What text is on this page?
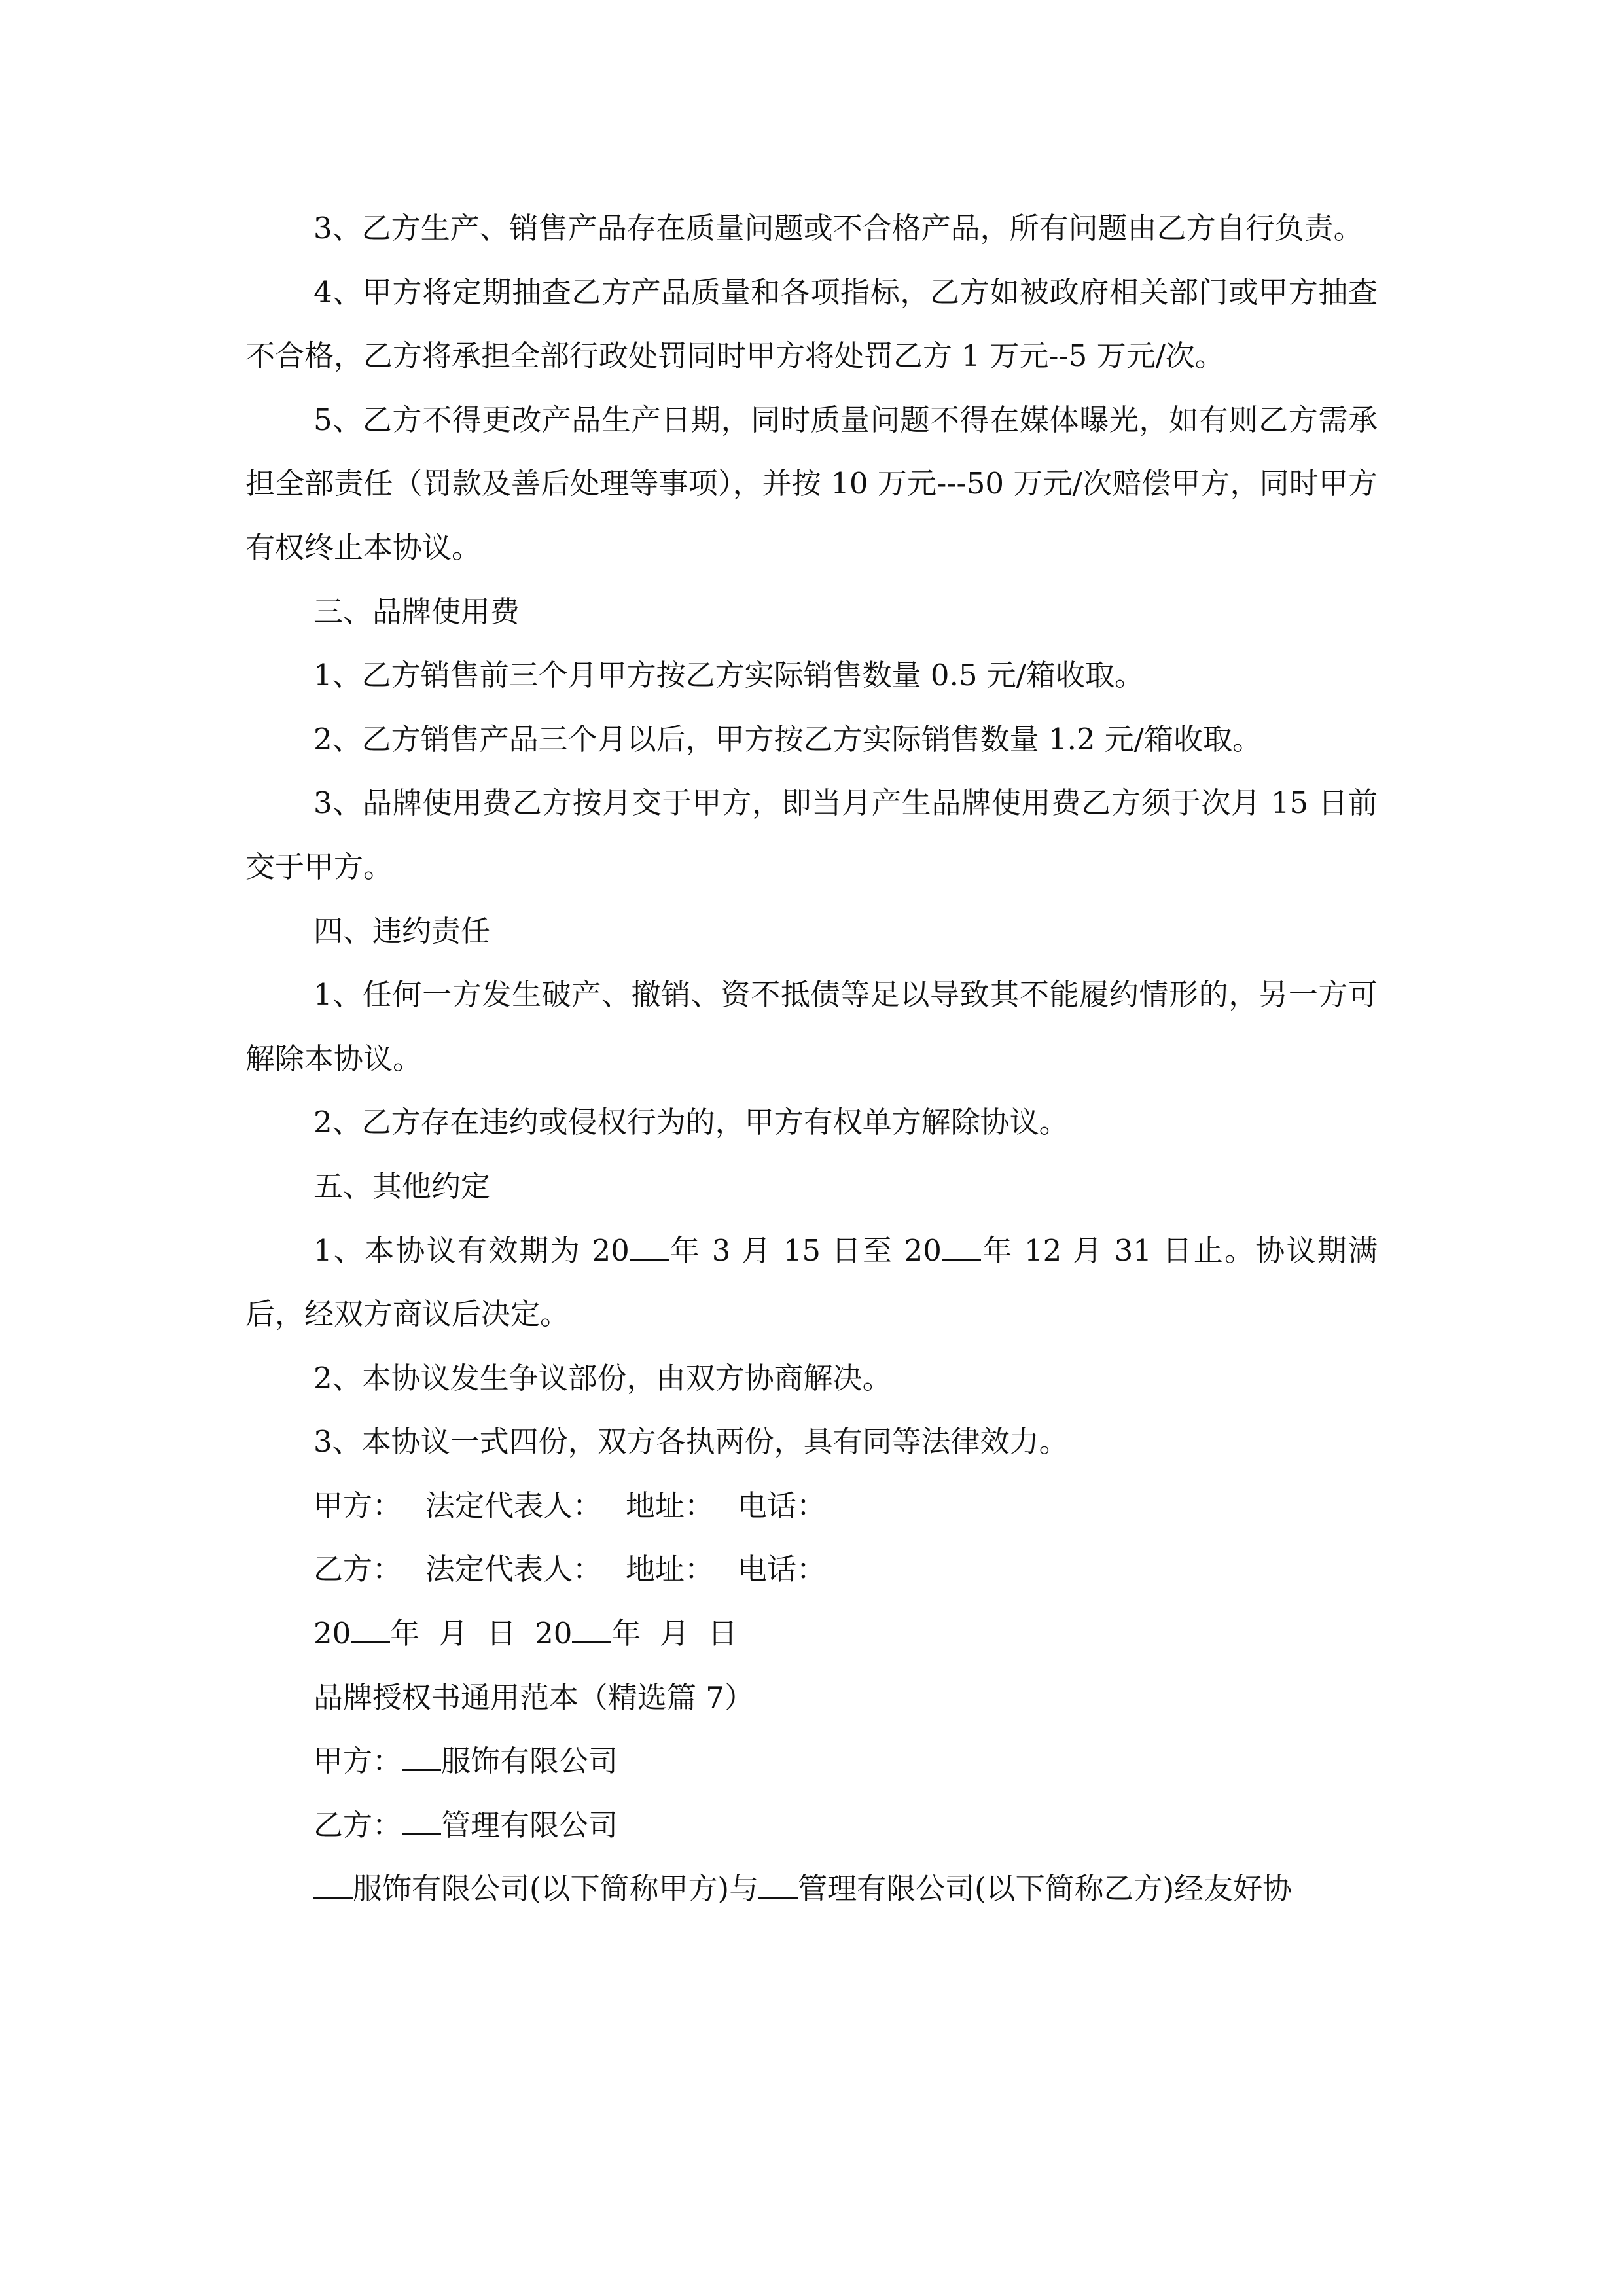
3、乙方生产、销售产品存在质量问题或不合格产品，所有问题由乙方自行负责。

4、甲方将定期抽查乙方产品质量和各项指标，乙方如被政府相关部门或甲方抽查不合格，乙方将承担全部行政处罚同时甲方将处罚乙方 1 万元--5 万元/次。

5、乙方不得更改产品生产日期，同时质量问题不得在媒体曝光，如有则乙方需承担全部责任（罚款及善后处理等事项），并按 10 万元---50 万元/次赔偿甲方，同时甲方有权终止本协议。

三、品牌使用费

1、乙方销售前三个月甲方按乙方实际销售数量 0.5 元/箱收取。

2、乙方销售产品三个月以后，甲方按乙方实际销售数量 1.2 元/箱收取。

3、品牌使用费乙方按月交于甲方，即当月产生品牌使用费乙方须于次月 15 日前交于甲方。

四、违约责任

1、任何一方发生破产、撤销、资不抵债等足以导致其不能履约情形的，另一方可解除本协议。

2、乙方存在违约或侵权行为的，甲方有权单方解除协议。

五、其他约定

1、本协议有效期为 20 年 3 月 15 日至 20 年 12 月 31 日止。协议期满后，经双方商议后决定。

2、本协议发生争议部份，由双方协商解决。

3、本协议一式四份，双方各执两份，具有同等法律效力。

甲方： 法定代表人： 地址： 电话：

乙方： 法定代表人： 地址： 电话：

20 年  月  日  20 年  月  日

品牌授权书通用范本（精选篇 7）

甲方： 服饰有限公司

乙方： 管理有限公司

服饰有限公司(以下简称甲方)与 管理有限公司(以下简称乙方)经友好协
